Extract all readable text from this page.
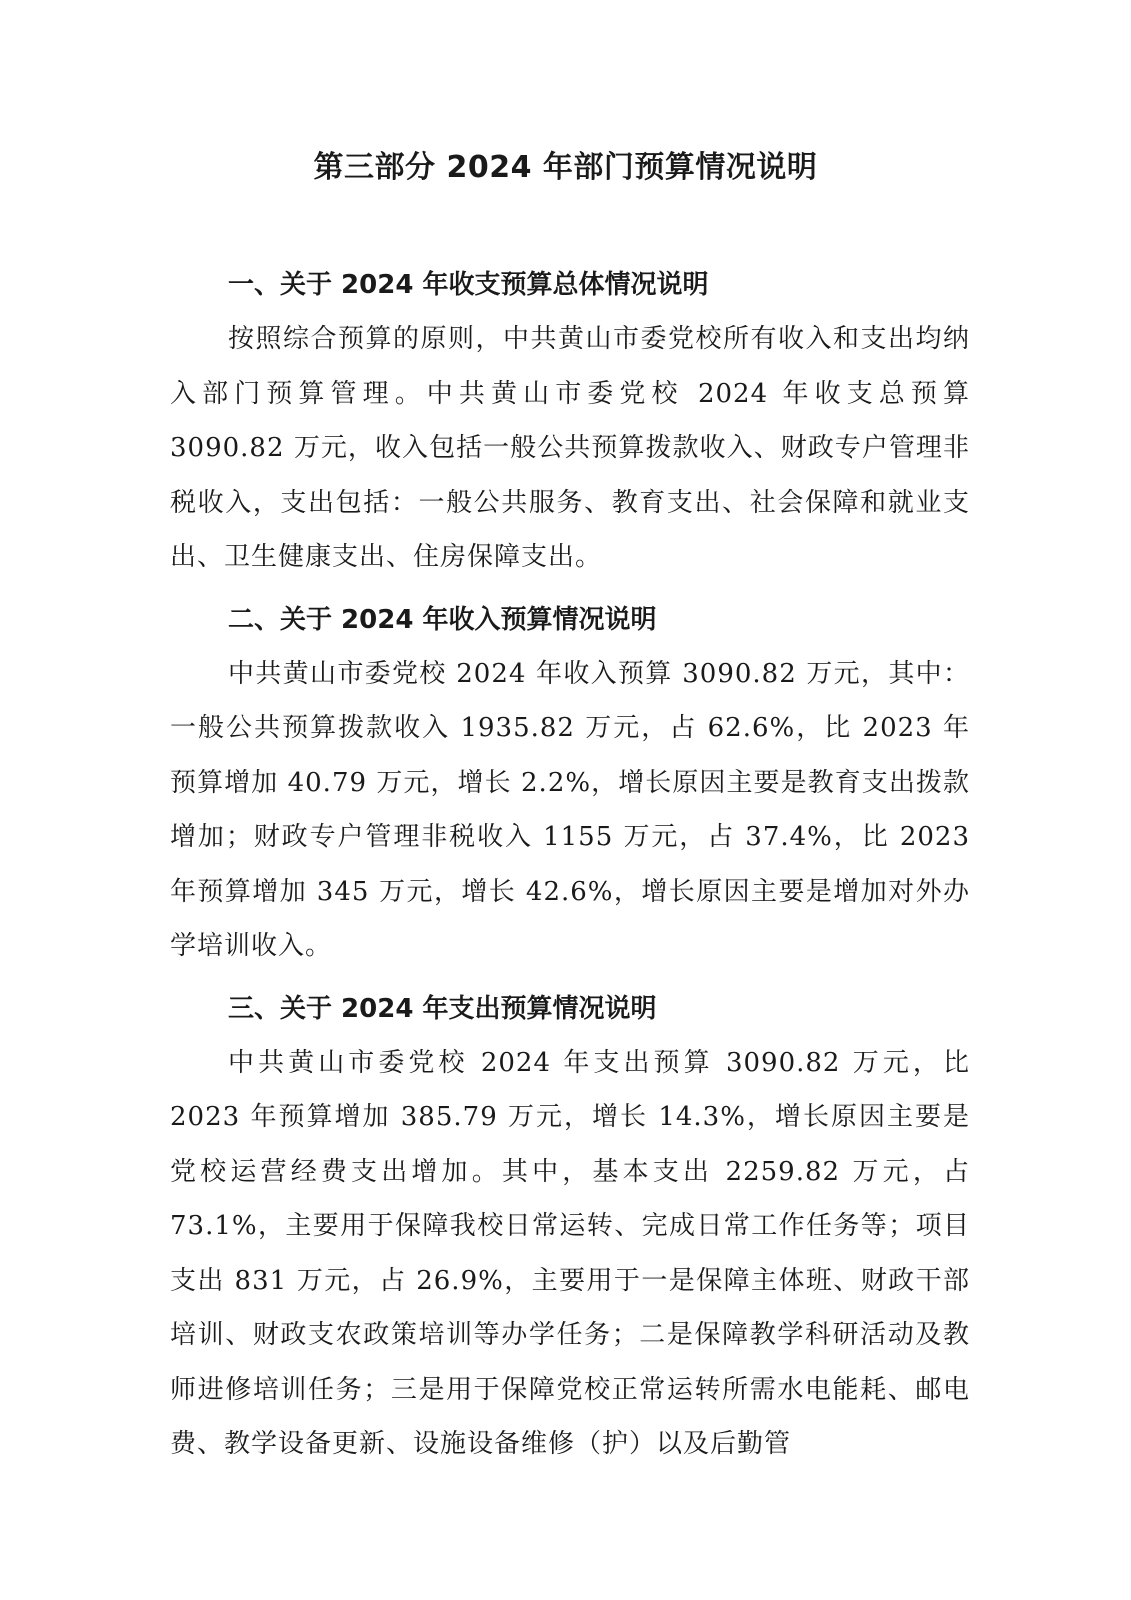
第三部分 2024 年部门预算情况说明
一、关于 2024 年收支预算总体情况说明

按照综合预算的原则，中共黄山市委党校所有收入和支出均纳入部门预算管理。中共黄山市委党校 2024 年收支总预算 3090.82 万元，收入包括一般公共预算拨款收入、财政专户管理非税收入，支出包括：一般公共服务、教育支出、社会保障和就业支出、卫生健康支出、住房保障支出。

二、关于 2024 年收入预算情况说明

中共黄山市委党校 2024 年收入预算 3090.82 万元，其中：一般公共预算拨款收入 1935.82 万元，占 62.6%，比 2023 年预算增加 40.79 万元，增长 2.2%，增长原因主要是教育支出拨款增加；财政专户管理非税收入 1155 万元，占 37.4%，比 2023 年预算增加 345 万元，增长 42.6%，增长原因主要是增加对外办学培训收入。

三、关于 2024 年支出预算情况说明

中共黄山市委党校 2024 年支出预算 3090.82 万元，比 2023 年预算增加 385.79 万元，增长 14.3%，增长原因主要是党校运营经费支出增加。其中，基本支出 2259.82 万元，占 73.1%，主要用于保障我校日常运转、完成日常工作任务等；项目支出 831 万元，占 26.9%，主要用于一是保障主体班、财政干部培训、财政支农政策培训等办学任务；二是保障教学科研活动及教师进修培训任务；三是用于保障党校正常运转所需水电能耗、邮电费、教学设备更新、设施设备维修（护）以及后勤管
